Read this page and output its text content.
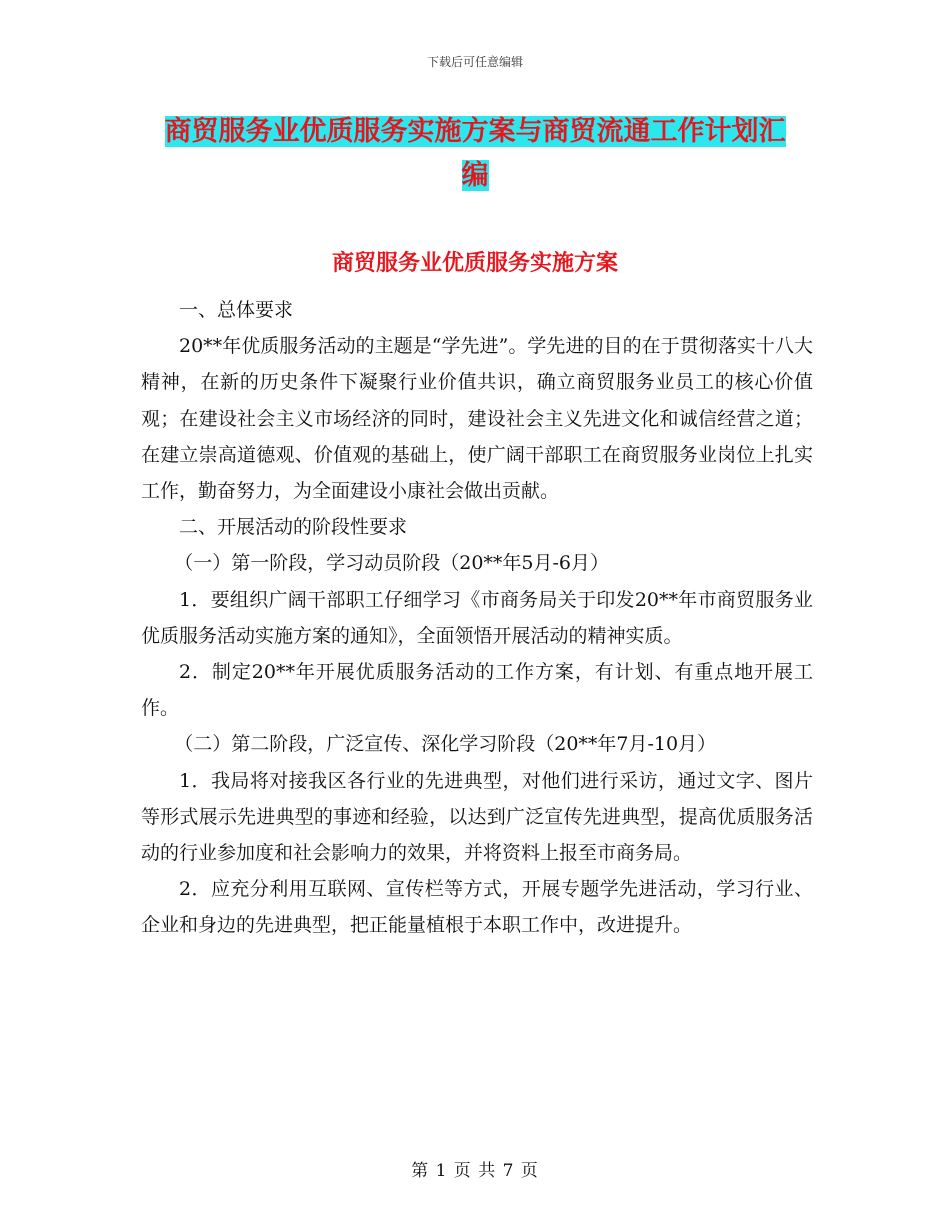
下载后可任意编辑
商贸服务业优质服务实施方案与商贸流通工作计划汇
编
商贸服务业优质服务实施方案

一、总体要求

20**年优质服务活动的主题是“学先进”。学先进的目的在于贯彻落实十八大精神，在新的历史条件下凝聚行业价值共识，确立商贸服务业员工的核心价值观；在建设社会主义市场经济的同时，建设社会主义先进文化和诚信经营之道；在建立崇高道德观、价值观的基础上，使广阔干部职工在商贸服务业岗位上扎实工作，勤奋努力，为全面建设小康社会做出贡献。

二、开展活动的阶段性要求

（一）第一阶段，学习动员阶段（20**年5月-6月）

1．要组织广阔干部职工仔细学习《市商务局关于印发20**年市商贸服务业优质服务活动实施方案的通知》，全面领悟开展活动的精神实质。

2．制定20**年开展优质服务活动的工作方案，有计划、有重点地开展工作。

（二）第二阶段，广泛宣传、深化学习阶段（20**年7月-10月）

1．我局将对接我区各行业的先进典型，对他们进行采访，通过文字、图片等形式展示先进典型的事迹和经验，以达到广泛宣传先进典型，提高优质服务活动的行业参加度和社会影响力的效果，并将资料上报至市商务局。

2．应充分利用互联网、宣传栏等方式，开展专题学先进活动，学习行业、企业和身边的先进典型，把正能量植根于本职工作中，改进提升。

第 1 页 共 7 页
